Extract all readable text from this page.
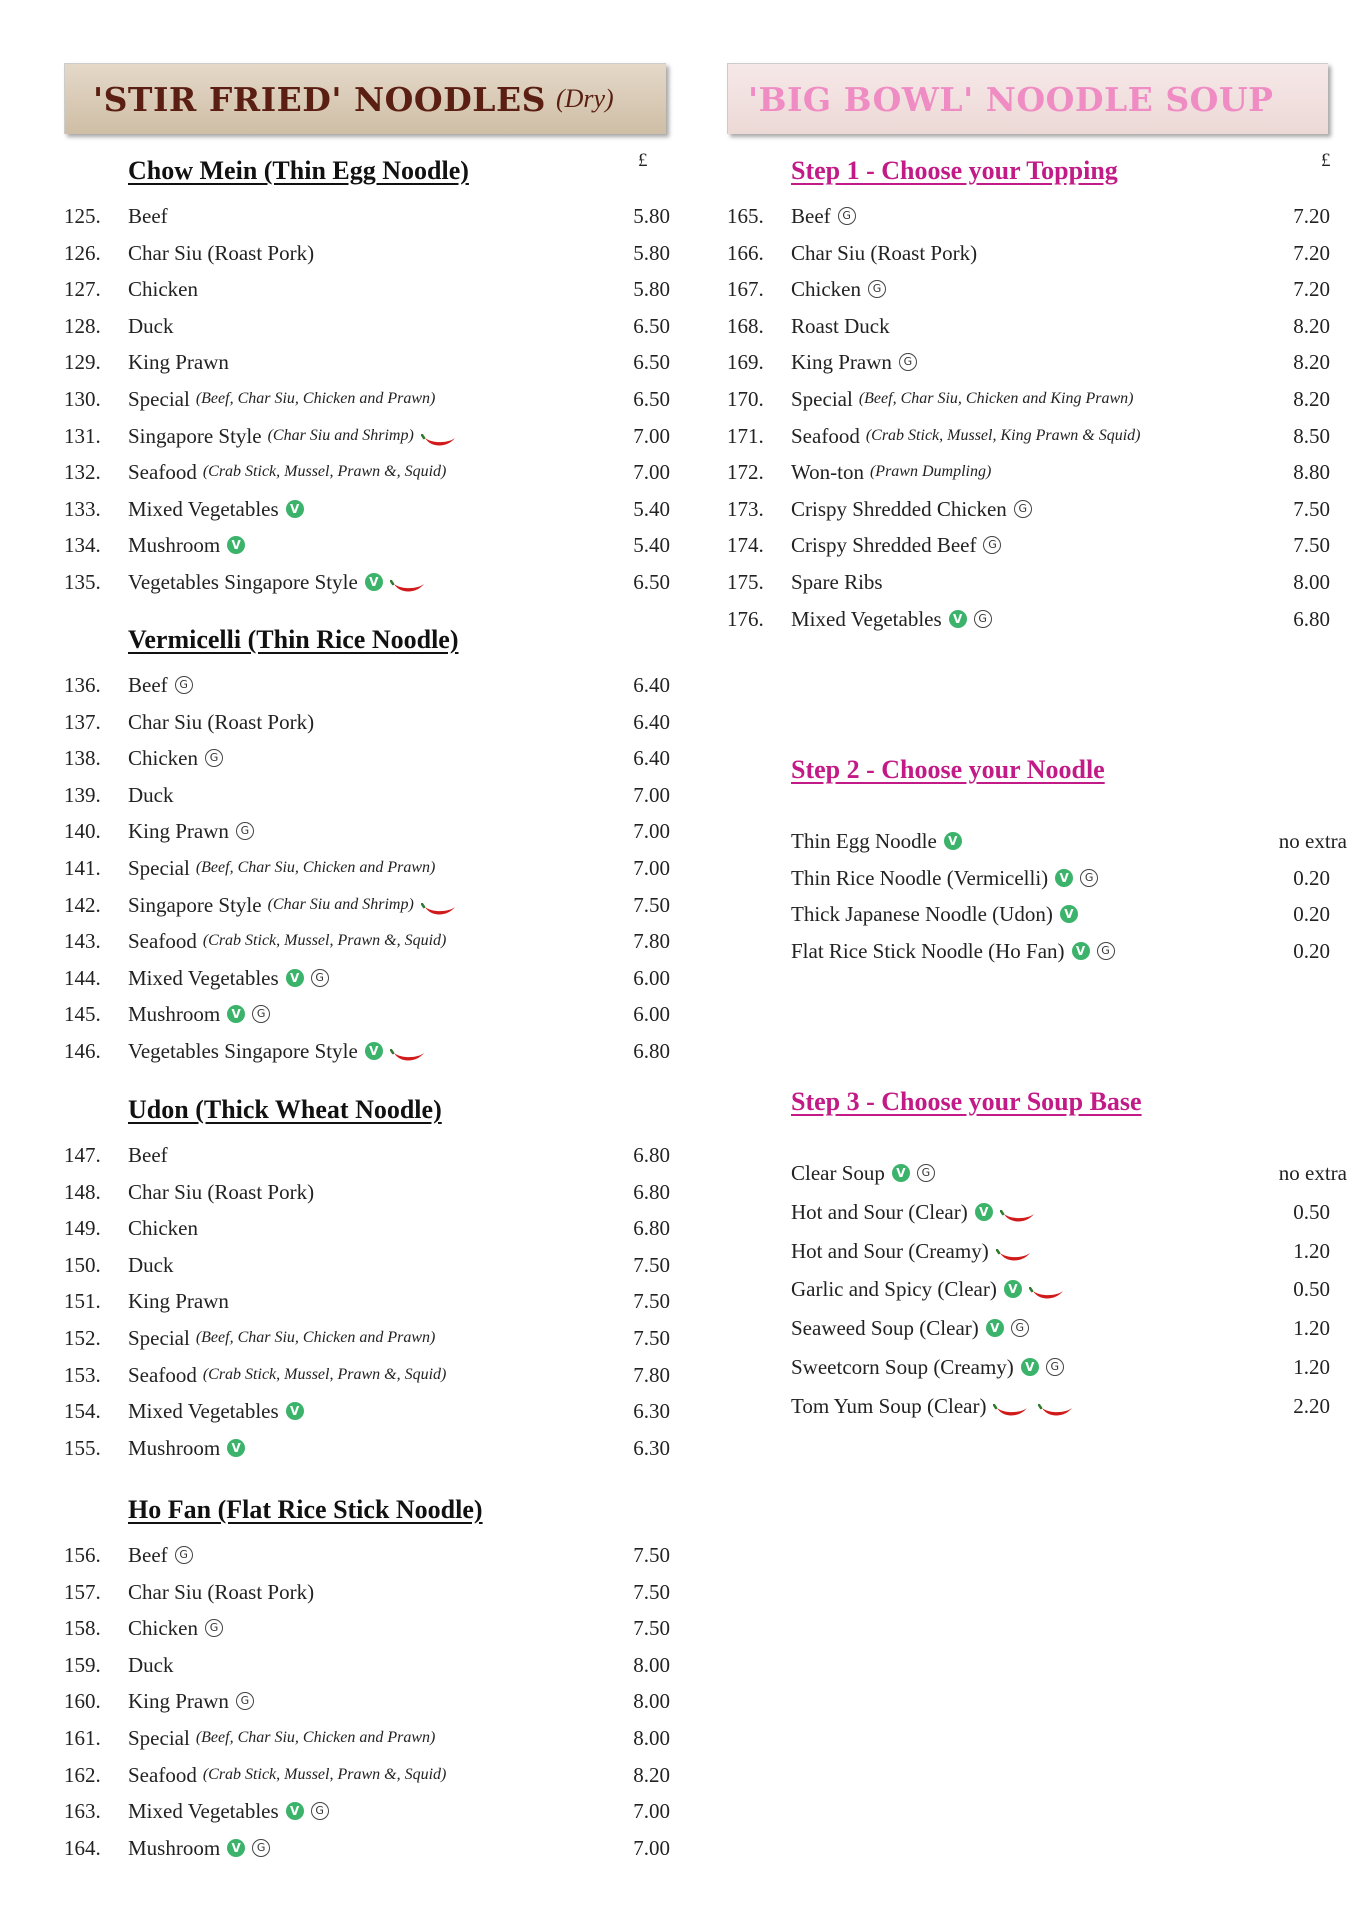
'STIR FRIED' NOODLES (Dry)
Chow Mein (Thin Egg Noodle)	£
125. Beef	5.80
126. Char Siu (Roast Pork)	5.80
127. Chicken	5.80
128. Duck	6.50
129. King Prawn	6.50
130. Special (Beef, Char Siu, Chicken and Prawn)	6.50
131. Singapore Style (Char Siu and Shrimp)	7.00
132. Seafood (Crab Stick, Mussel, Prawn &, Squid)	7.00
133. Mixed Vegetables V	5.40
134. Mushroom V	5.40
135. Vegetables Singapore Style V	6.50
Vermicelli (Thin Rice Noodle)
136. Beef	G	6.40
137. Char Siu (Roast Pork)	6.40
138. Chicken	G	6.40
139. Duck	7.00
140. King Prawn	G	7.00
141. Special (Beef, Char Siu, Chicken and Prawn)	7.00
142. Singapore Style (Char Siu and Shrimp)	7.50
143. Seafood (Crab Stick, Mussel, Prawn &, Squid)	7.80
144. Mixed Vegetables V	G	6.00
145. Mushroom V	G	6.00
146. Vegetables Singapore Style V	6.80
Udon (Thick Wheat Noodle)
147. Beef	6.80
148. Char Siu (Roast Pork)	6.80
149. Chicken	6.80
150. Duck	7.50
151. King Prawn	7.50
152. Special (Beef, Char Siu, Chicken and Prawn)	7.50
153. Seafood (Crab Stick, Mussel, Prawn &, Squid)	7.80
154. Mixed Vegetables V	6.30
155. Mushroom V	6.30
Ho Fan (Flat Rice Stick Noodle)
156. Beef	G	7.50
157. Char Siu (Roast Pork)	7.50
158. Chicken	G	7.50
159. Duck	8.00
160. King Prawn	G	8.00
161. Special (Beef, Char Siu, Chicken and Prawn)	8.00
162. Seafood (Crab Stick, Mussel, Prawn &, Squid)	8.20
163. Mixed Vegetables V	G	7.00
164. Mushroom V	G	7.00
'BIG BOWL' NOODLE SOUP
Step 1 - Choose your Topping	£
165. Beef	G	7.20
166. Char Siu (Roast Pork)	7.20
167. Chicken	G	7.20
168. Roast Duck	8.20
169. King Prawn	G	8.20
170. Special (Beef, Char Siu, Chicken and King Prawn)	8.20
171. Seafood (Crab Stick, Mussel, King Prawn & Squid)	8.50
172. Won-ton (Prawn Dumpling)	8.80
173. Crispy Shredded Chicken	G	7.50
174. Crispy Shredded Beef	G	7.50
175. Spare Ribs	8.00
176. Mixed Vegetables V	G	6.80
Step 2 - Choose your Noodle
Thin Egg Noodle V	no extra
Thin Rice Noodle (Vermicelli) V	G	0.20
Thick Japanese Noodle (Udon) V	0.20
Flat Rice Stick Noodle (Ho Fan) V	G	0.20
Step 3 - Choose your Soup Base
Clear Soup V	G	no extra
Hot and Sour (Clear) V	0.50
Hot and Sour (Creamy)	1.20
Garlic and Spicy (Clear) V	0.50
Seaweed Soup (Clear) V	G	1.20
Sweetcorn Soup (Creamy) V	G	1.20
Tom Yum Soup (Clear)	2.20
